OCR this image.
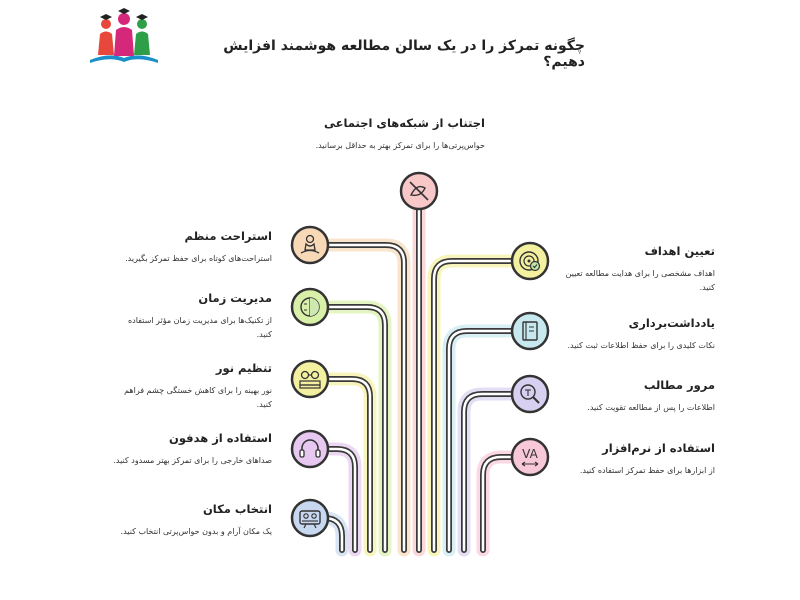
VA
چگونه تمرکز را در یک سالن مطالعه هوشمند افزایش دهیم؟
اجتناب از شبکه‌های اجتماعی
حواس‌پرتی‌ها را برای تمرکز بهتر به حداقل برسانید.
استراحت منظم
استراحت‌های کوتاه برای حفظ تمرکز بگیرید.
مدیریت زمان
از تکنیک‌ها برای مدیریت زمان مؤثر استفاده کنید.
تنظیم نور
نور بهینه را برای کاهش خستگی چشم فراهم کنید.
استفاده از هدفون
صداهای خارجی را برای تمرکز بهتر مسدود کنید.
انتخاب مکان
یک مکان آرام و بدون حواس‌پرتی انتخاب کنید.
تعیین اهداف
اهداف مشخصی را برای هدایت مطالعه تعیین کنید.
یادداشت‌برداری
نکات کلیدی را برای حفظ اطلاعات ثبت کنید.
مرور مطالب
اطلاعات را پس از مطالعه تقویت کنید.
استفاده از نرم‌افزار
از ابزارها برای حفظ تمرکز استفاده کنید.
